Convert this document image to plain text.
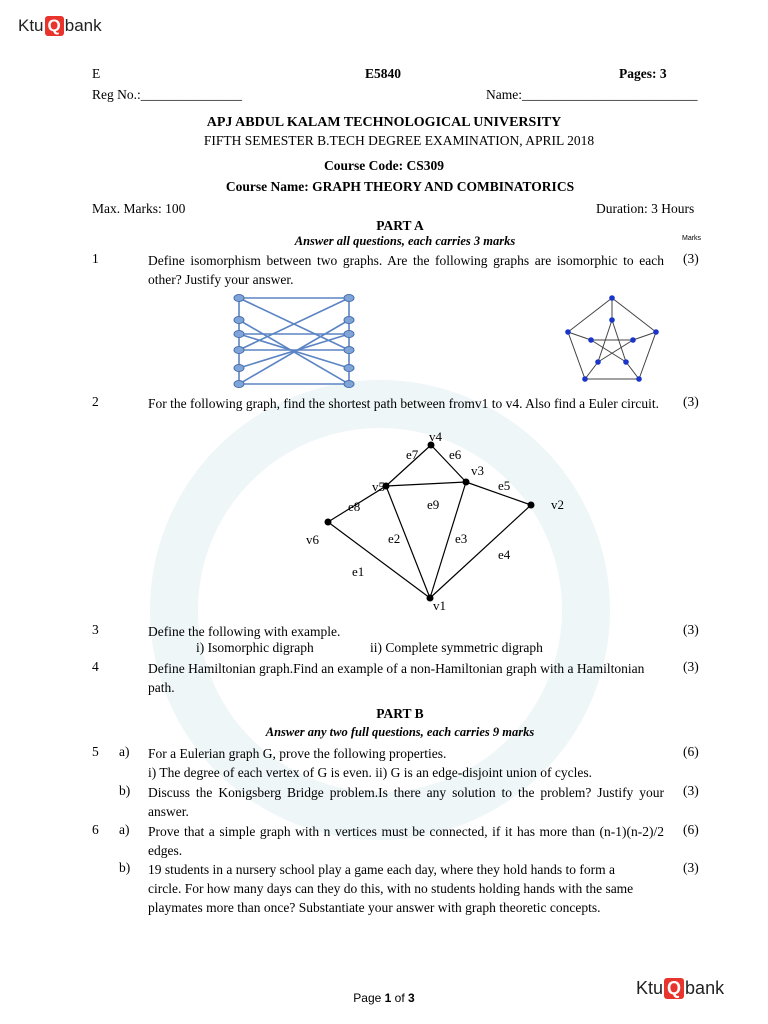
Ktu Q bank
E	E5840	Pages: 3
Reg No.:_______________	Name:__________________________
APJ ABDUL KALAM TECHNOLOGICAL UNIVERSITY
FIFTH SEMESTER B.TECH DEGREE EXAMINATION, APRIL 2018
Course Code: CS309
Course Name: GRAPH THEORY AND COMBINATORICS
Max. Marks: 100	Duration: 3 Hours
PART A
Answer all questions, each carries 3 marks	Marks
1	Define isomorphism between two graphs. Are the following graphs are isomorphic to each other? Justify your answer.
(3)
2	For the following graph, find the shortest path between fromv1 to v4. Also find a Euler circuit.	(3)
v4
v3
v5
v2
v6
v1
e7 e6
e5
e8	e9
e2	e3
e4
e1
3	Define the following with example.	(3)
i) Isomorphic digraph	ii) Complete symmetric digraph
4	Define Hamiltonian graph.Find an example of a non-Hamiltonian graph with a Hamiltonian path.
(3)
PART B
Answer any two full questions, each carries 9 marks
5 a) For a Eulerian graph G, prove the following properties.
i) The degree of each vertex of G is even. ii) G is an edge-disjoint union of cycles.
(6)
b) Discuss the Konigsberg Bridge problem.Is there any solution to the problem? Justify your answer.
(3)
6 a) Prove that a simple graph with n vertices must be connected, if it has more than (n-1)(n-2)/2 edges.
(6)
b) 19 students in a nursery school play a game each day, where they hold hands to form a circle. For how many days can they do this, with no students holding hands with the same playmates more than once? Substantiate your answer with graph theoretic concepts.
(3)
Ktu Q bank
Page 1 of 3
